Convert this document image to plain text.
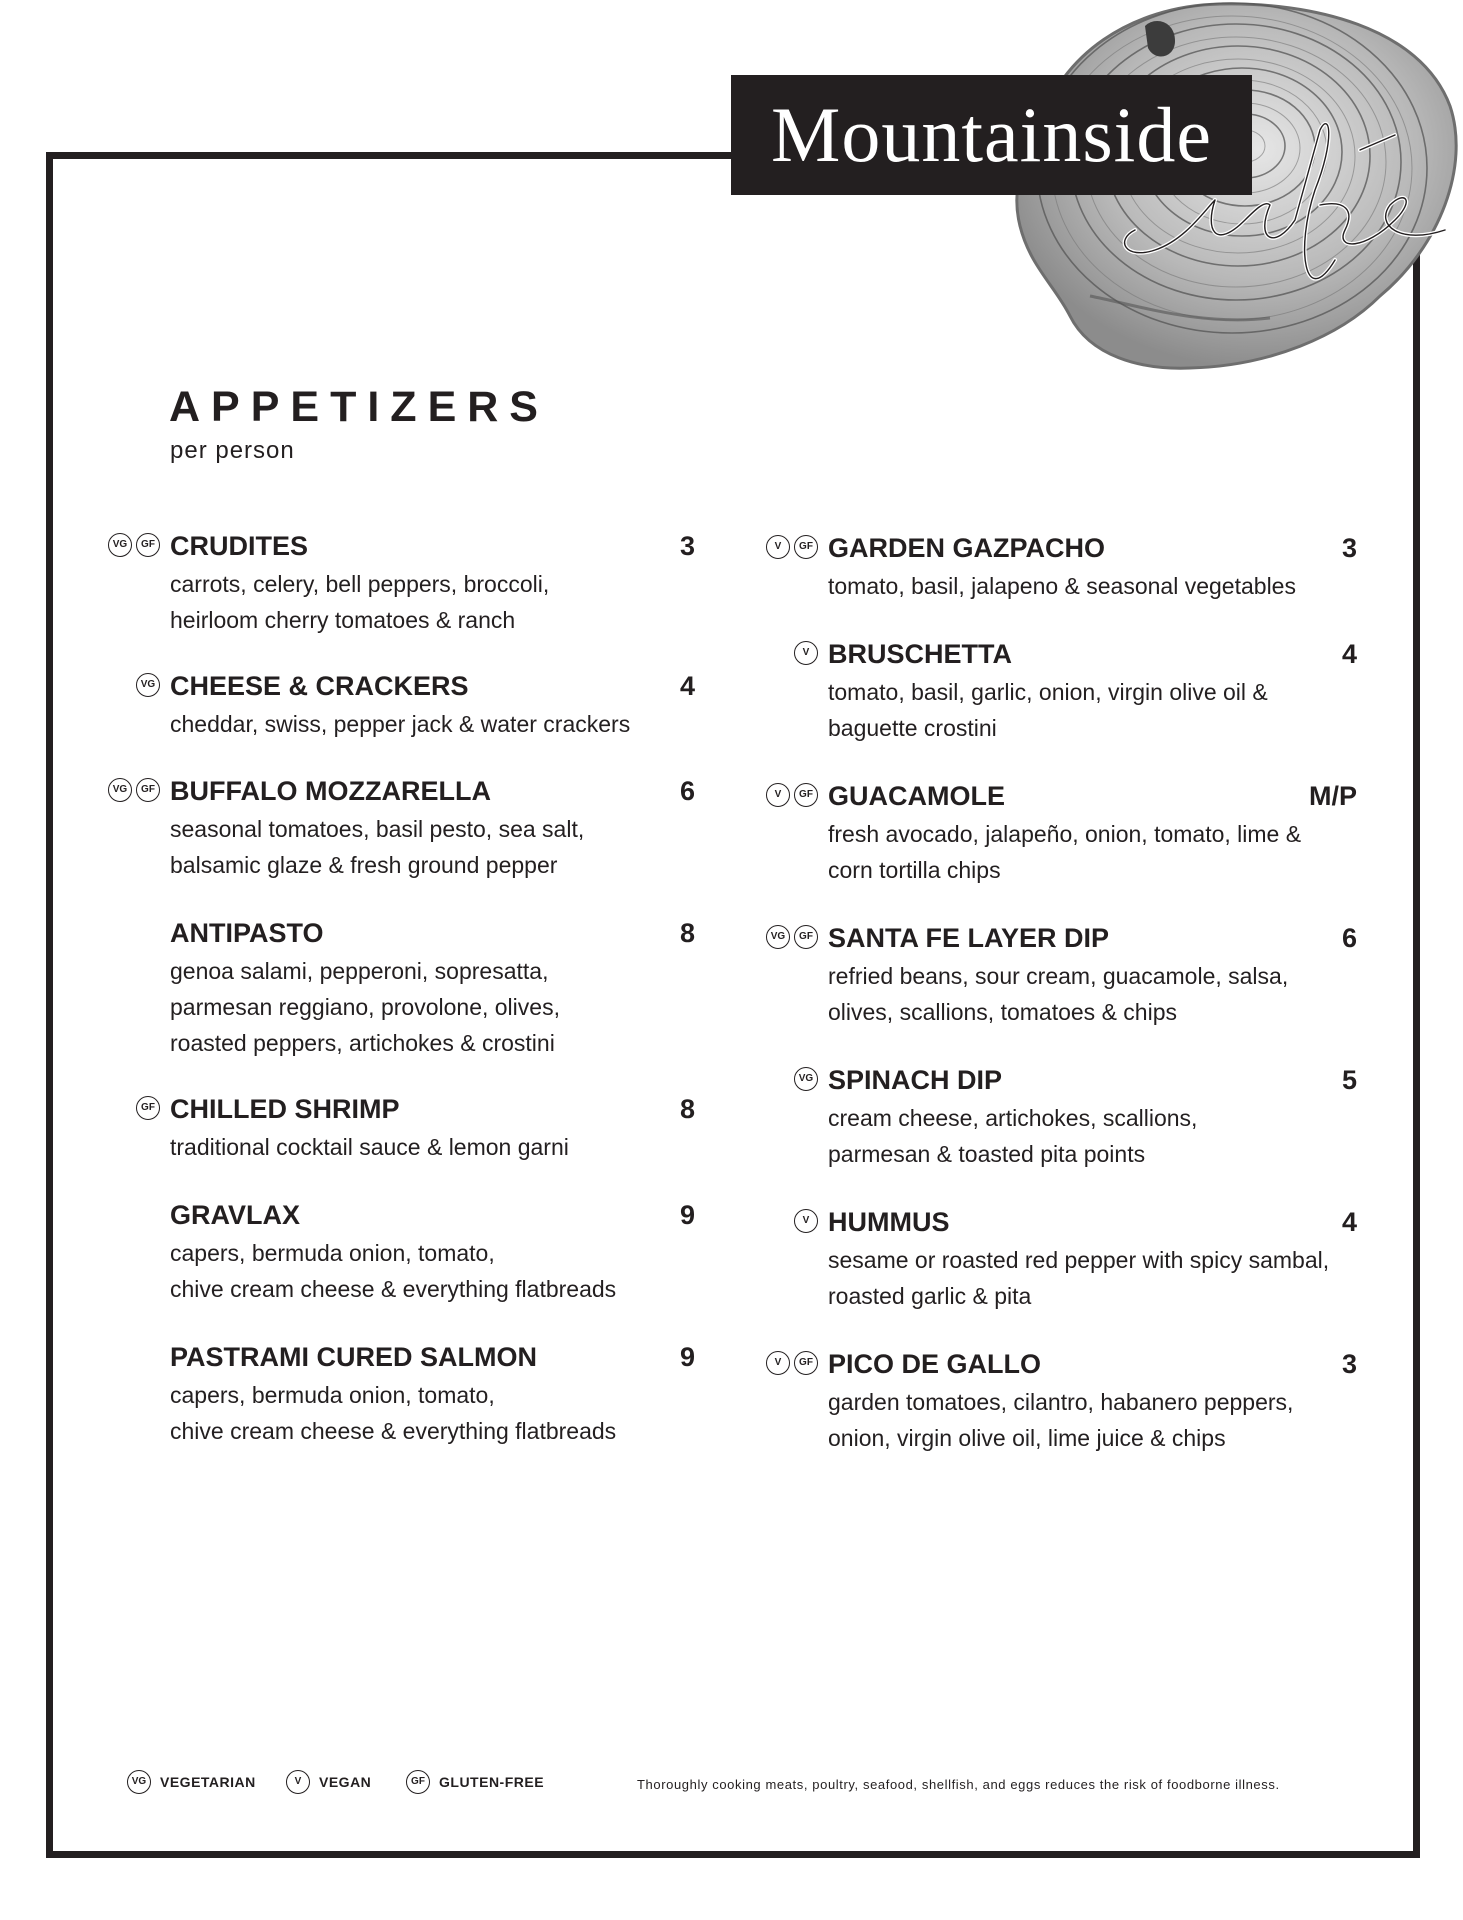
Mountainside
APPETIZERS
per person
VG	GF CRUDITES	3
carrots, celery, bell peppers, broccoli,
heirloom cherry tomatoes & ranch
VG CHEESE & CRACKERS	4
cheddar, swiss, pepper jack & water crackers
VG	GF BUFFALO MOZZARELLA	6
seasonal tomatoes, basil pesto, sea salt,
balsamic glaze & fresh ground pepper
ANTIPASTO	8
genoa salami, pepperoni, sopresatta,
parmesan reggiano, provolone, olives,
roasted peppers, artichokes & crostini
GF CHILLED SHRIMP	8
traditional cocktail sauce & lemon garni
GRAVLAX	9
capers, bermuda onion, tomato,
chive cream cheese & everything flatbreads
PASTRAMI CURED SALMON	9
capers, bermuda onion, tomato,
chive cream cheese & everything flatbreads
V	GF GARDEN GAZPACHO	3
tomato, basil, jalapeno & seasonal vegetables
V BRUSCHETTA	4
tomato, basil, garlic, onion, virgin olive oil &
baguette crostini
V	GF GUACAMOLE	M/P
fresh avocado, jalapeño, onion, tomato, lime &
corn tortilla chips
VG	GF SANTA FE LAYER DIP	6
refried beans, sour cream, guacamole, salsa,
olives, scallions, tomatoes & chips
VG SPINACH DIP	5
cream cheese, artichokes, scallions,
parmesan & toasted pita points
V HUMMUS	4
sesame or roasted red pepper with spicy sambal,
roasted garlic & pita
V	GF PICO DE GALLO	3
garden tomatoes, cilantro, habanero peppers,
onion, virgin olive oil, lime juice & chips
VG VEGETARIAN	V	VEGAN	GF	GLUTEN-FREE	Thoroughly cooking meats, poultry, seafood, shellfish, and eggs reduces the risk of foodborne illness.
